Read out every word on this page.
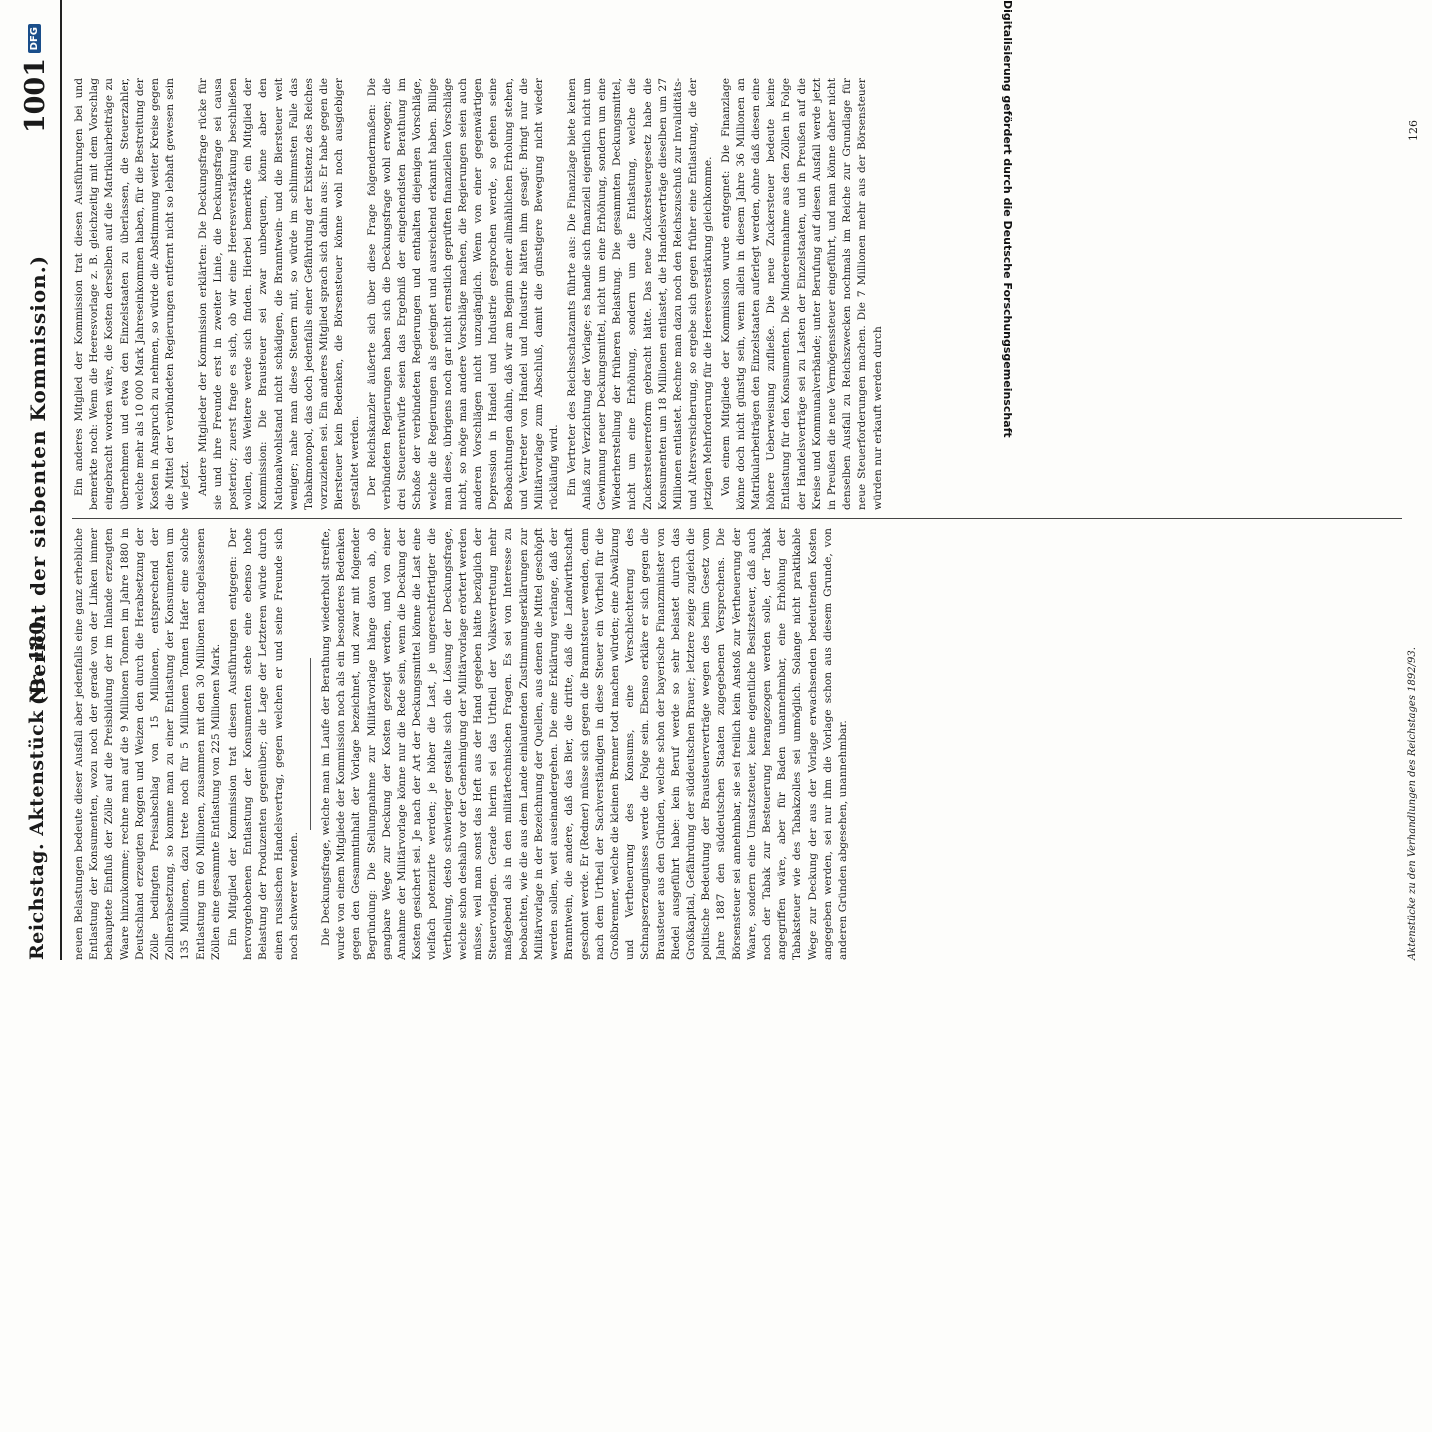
Reichstag. Aktenstück Nr. 180.
(Bericht der siebenten Kommission.)
1001
DFG

neuen Belastungen bedeute dieser Ausfall aber jedenfalls eine ganz erhebliche Entlastung der Konsumenten, wozu noch der gerade von der Linken immer behauptete Einfluß der Zölle auf die Preisbildung der im Inlande erzeugten Waare hinzukomme; rechne man auf die 9 Millionen Tonnen im Jahre 1880 in Deutschland erzeugten Roggen und Weizen den durch die Herabsetzung der Zölle bedingten Preisabschlag von 15 Millionen, entsprechend der Zollherabsetzung, so komme man zu einer Entlastung der Konsumenten um 135 Millionen, dazu trete noch für 5 Millionen Tonnen Hafer eine solche Entlastung um 60 Millionen, zusammen mit den 30 Millionen nachgelassenen Zöllen eine gesammte Entlastung von 225 Millionen Mark. Ein Mitglied der Kommission trat diesen Ausführungen entgegen: Der hervorgehobenen Entlastung der Konsumenten stehe eine ebenso hohe Belastung der Produzenten gegenüber; die Lage der Letzteren würde durch einen russischen Handelsvertrag, gegen welchen er und seine Freunde sich noch schwerer wenden. Die Deckungsfrage, welche man im Laufe der Berathung wiederholt streifte, wurde von einem Mitgliede der Kommission noch als ein besonderes Bedenken gegen den Gesammtinhalt der Vorlage bezeichnet, und zwar mit folgender Begründung: Die Stellungnahme zur Militärvorlage hänge davon ab, ob gangbare Wege zur Deckung der Kosten gezeigt werden, und von einer Annahme der Militärvorlage könne nur die Rede sein, wenn die Deckung der Kosten gesichert sei. Je nach der Art der Deckungsmittel könne die Last eine vielfach potenzirte werden; je höher die Last, je ungerechtfertigter die Vertheilung, desto schwieriger gestalte sich die Lösung der Deckungsfrage, welche schon deshalb vor der Genehmigung der Militärvorlage erörtert werden müsse, weil man sonst das Heft aus der Hand gegeben hätte bezüglich der Steuervorlagen. Gerade hierin sei das Urtheil der Volksvertretung mehr maßgebend als in den militärtechnischen Fragen. Es sei von Interesse zu beobachten, wie die aus dem Lande einlaufenden Zustimmungserklärungen zur Militärvorlage in der Bezeichnung der Quellen, aus denen die Mittel geschöpft werden sollen, weit auseinandergehen. Die eine Erklärung verlange, daß der Branntwein, die andere, daß das Bier, die dritte, daß die Landwirthschaft geschont werde. Er (Redner) müsse sich gegen die Branntsteuer wenden, denn nach dem Urtheil der Sachverständigen in diese Steuer ein Vortheil für die Großbrenner, welche die kleinen Brenner todt machen würden; eine Abwälzung und Vertheuerung des Konsums, eine Verschlechterung des Schnapserzeugnisses werde die Folge sein. Ebenso erkläre er sich gegen die Brausteuer aus den Gründen, welche schon der bayerische Finanzminister von Riedel ausgeführt habe: kein Beruf werde so sehr belastet durch das Großkapital, Gefährdung der süddeutschen Brauer; letztere zeige zugleich die politische Bedeutung der Brausteuerverträge wegen des beim Gesetz vom Jahre 1887 den süddeutschen Staaten zugegebenen Versprechens. Die Börsensteuer sei annehmbar, sie sei freilich kein Anstoß zur Vertheuerung der Waare, sondern eine Umsatzsteuer, keine eigentliche Besitzsteuer, daß auch noch der Tabak zur Besteuerung herangezogen werden solle, der Tabak angegriffen wäre, aber für Baden unannehmbar, eine Erhöhung der Tabaksteuer wie des Tabakzolles sei unmöglich. Solange nicht praktikable Wege zur Deckung der aus der Vorlage erwachsenden bedeutenden Kosten angegeben werden, sei nur ihm die Vorlage schon aus diesem Grunde, von anderen Gründen abgesehen, unannehmbar.

Ein anderes Mitglied der Kommission trat diesen Ausführungen bei und bemerkte noch: Wenn die Heeresvorlage z. B. gleichzeitig mit dem Vorschlag eingebracht worden wäre, die Kosten derselben auf die Matrikularbeiträge zu übernehmen und etwa den Einzelstaaten zu überlassen, die Steuerzahler, welche mehr als 10 000 Mark Jahreseinkommen haben, für die Bestreitung der Kosten in Anspruch zu nehmen, so würde die Abstimmung weiter Kreise gegen die Mittel der verbündeten Regierungen entfernt nicht so lebhaft gewesen sein wie jetzt. Andere Mitglieder der Kommission erklärten: Die Deckungsfrage rücke für sie und ihre Freunde erst in zweiter Linie, die Deckungsfrage sei causa posterior; zuerst frage es sich, ob wir eine Heeresverstärkung beschließen wollen, das Weitere werde sich finden. Hierbei bemerkte ein Mitglied der Kommission: Die Brausteuer sei zwar unbequem, könne aber den Nationalwohlstand nicht schädigen, die Branntwein- und die Biersteuer weit weniger; nahe man diese Steuern mit, so würde im schlimmsten Falle das Tabakmonopol, das doch jedenfalls einer Gefährdung der Existenz des Reiches vorzuziehen sei. Ein anderes Mitglied sprach sich dahin aus: Er habe gegen die Biersteuer kein Bedenken, die Börsensteuer könne wohl noch ausgiebiger gestaltet werden. Der Reichskanzler äußerte sich über diese Frage folgendermaßen: Die verbündeten Regierungen haben sich die Deckungsfrage wohl erwogen; die drei Steuerentwürfe seien das Ergebniß der eingehendsten Berathung im Schoße der verbündeten Regierungen und enthalten diejenigen Vorschläge, welche die Regierungen als geeignet und ausreichend erkannt haben. Billige man diese, übrigens noch gar nicht ernstlich geprüften finanziellen Vorschläge nicht, so möge man andere Vorschläge machen, die Regierungen seien auch anderen Vorschlägen nicht unzugänglich. Wenn von einer gegenwärtigen Depression in Handel und Industrie gesprochen werde, so gehen seine Beobachtungen dahin, daß wir am Beginn einer allmählichen Erholung stehen, und Vertreter von Handel und Industrie hätten ihm gesagt: Bringt nur die Militärvorlage zum Abschluß, damit die günstigere Bewegung nicht wieder rückläufig wird. Ein Vertreter des Reichsschatzamts führte aus: Die Finanzlage biete keinen Anlaß zur Verzichtung der Vorlage; es handle sich finanziell eigentlich nicht um Gewinnung neuer Deckungsmittel, nicht um eine Erhöhung, sondern um eine Wiederherstellung der früheren Belastung. Die gesammten Deckungsmittel, nicht um eine Erhöhung, sondern um die Entlastung, welche die Zuckersteuerreform gebracht hätte. Das neue Zuckersteuergesetz habe die Konsumenten um 18 Millionen entlastet, die Handelsverträge dieselben um 27 Millionen entlastet. Rechne man dazu noch den Reichszuschuß zur Invaliditäts- und Altersversicherung, so ergebe sich gegen früher eine Entlastung, die der jetzigen Mehrforderung für die Heeresverstärkung gleichkomme. Von einem Mitgliede der Kommission wurde entgegnet: Die Finanzlage könne doch nicht günstig sein, wenn allein in diesem Jahre 36 Millionen an Matrikularbeiträgen den Einzelstaaten auferlegt werden, ohne daß diesen eine höhere Ueberweisung zufließe. Die neue Zuckersteuer bedeute keine Entlastung für den Konsumenten. Die Mindereinnahme aus den Zöllen in Folge der Handelsverträge sei zu Lasten der Einzelstaaten, und in Preußen auf die Kreise und Kommunalverbände; unter Berufung auf diesen Ausfall werde jetzt in Preußen die neue Vermögenssteuer eingeführt, und man könne daher nicht denselben Ausfall zu Reichszwecken nochmals im Reiche zur Grundlage für neue Steuerforderungen machen. Die 7 Millionen mehr aus der Börsensteuer würden nur erkauft werden durch

Aktenstücke zu den Verhandlungen des Reichstages 1892/93.
126
Digitalisierung gefördert durch die Deutsche Forschungsgemeinschaft
